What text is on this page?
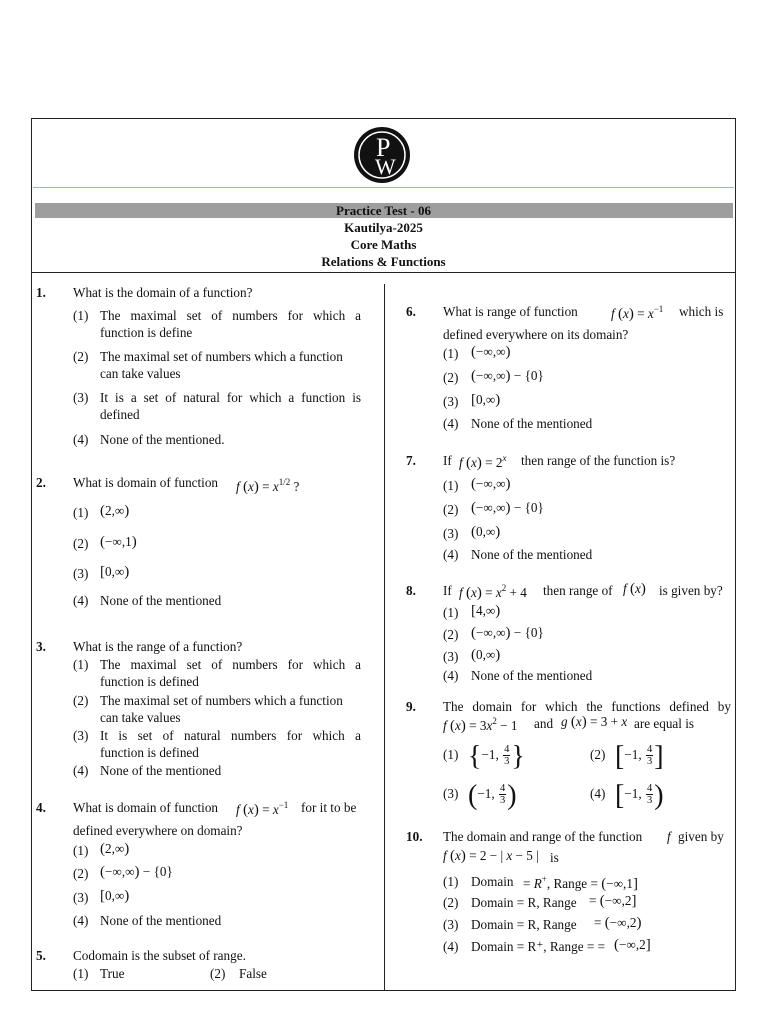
P
W
Practice Test - 06
Kautilya-2025
Core Maths
Relations & Functions
1. What is the domain of a function?
(1) The maximal set of numbers for which a
function is define
(2) The maximal set of numbers which a function
can take values
(3) It is a set of natural for which a function is
defined
(4) None of the mentioned.
2. What is domain of function f $(x) = x^{1/2}$ ?
(1) (2,∞)
(2) (−∞,1)
(3) [0,∞)
(4) None of the mentioned
3. What is the range of a function?
(1) The maximal set of numbers for which a
function is defined
(2) The maximal set of numbers which a function
can take values
(3) It is set of natural numbers for which a
function is defined
(4) None of the mentioned
4. What is domain of function f $(x) = x^{-1}$ for it to be
defined everywhere on domain?
(1) (2,∞)
(2) (−∞,∞) − {0}
(3) [0,∞)
(4) None of the mentioned
5. Codomain is the subset of range.
(1) True	(2) False
6. What is range of function	f $(x) = x^{-1}$ which is
defined everywhere on its domain?
(1) (−∞,∞)
(2) (−∞,∞) − {0}
(3) [0,∞)
(4) None of the mentioned
7. If f $(x) = 2^x$ then range of the function is?
(1) (−∞,∞)
(2) (−∞,∞) − {0}
(3) (0,∞)
(4) None of the mentioned
8. If f $(x) = x^2 + 4$ then range of f (x) is given by?
(1) [4,∞)
(2) (−∞,∞) − {0}
(3) (0,∞)
(4) None of the mentioned
9. The domain for which the functions defined by
f $(x) = 3x^2 - 1$ and g (x) = 3 + x are equal is
(1) {−1, $\frac{4}{3}$ }	(2) [−1, $\frac{4}{3}$ ]
(3) (−1, $\frac{4}{3}$ )	(4) [−1, $\frac{4}{3}$ )
10. The domain and range of the function f given by
f (x) = 2 − | x − 5 | is
(1) Domain = R+, Range = (−∞,1]
(2) Domain = R, Range = (−∞,2]
(3) Domain = R, Range = (−∞,2)
(4) Domain = R⁺, Range = = (−∞,2]
